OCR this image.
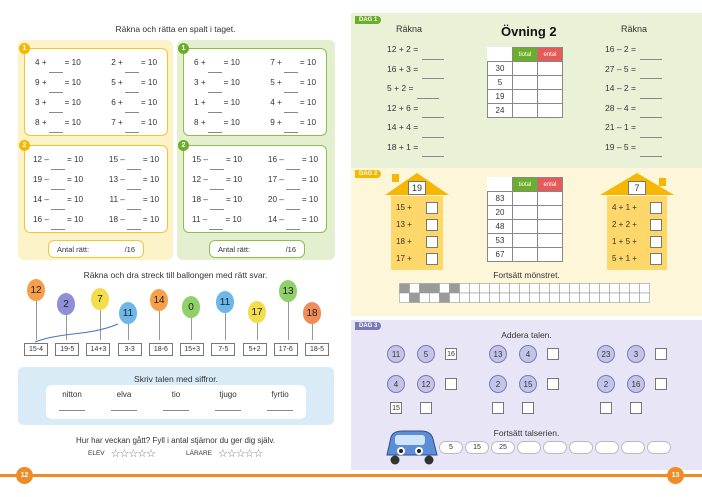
Räkna och rätta en spalt i taget.
1
4 + = 10	2 + = 10
9 + = 10	5 + = 10
3 + = 10	6 + = 10
8 + = 10	7 + = 10
1
6 + = 10	7 + = 10
3 + = 10	5 + = 10
1 + = 10	4 + = 10
8 + = 10	9 + = 10
2
12 – = 10	15 – = 10
19 – = 10	13 – = 10
14 – = 10	11 – = 10
16 – = 10	18 – = 10
2
15 – = 10	16 – = 10
12 – = 10	17 – = 10
18 – = 10	20 – = 10
11 – = 10	14 – = 10
Antal rätt:	/16	Antal rätt:	/16
Räkna och dra streck till ballongen med rätt svar.
12
2	7
11
14
0	11
17
13
18
15-4	19-5	14+3	3-3	18-6	15+3	7-5	5+2	17-6	18-5
Skriv talen med siffror.
nitton	elva	tio	tjugo	fyrtio
Hur har veckan gått? Fyll i antal stjärnor du ger dig själv.
ELEV ☆☆☆☆☆	LÄRARE ☆☆☆☆☆
12
DAG 1
Räkna	Övning 2	Räkna
12 + 2 =
16 + 3 =
5 + 2 =
12 + 6 =
14 + 4 =
18 + 1 =
16 – 2 =
27 – 5 =
14 – 2 =
28 – 4 =
21 – 1 =
19 – 5 =
	tiotal	ental
30		
5		
19		
24		
DAG 2
19
15 +
13 +
18 +
17 +
	tiotal	ental
83		
20		
48		
53		
67		
7
4 + 1 +
2 + 2 +
1 + 5 +
5 + 1 +
Fortsätt mönstret.
DAG 3
Addera talen.
11	5	16
4	12
15
13	4
2	15
23	3
2	16
Fortsätt talserien.
5	15	25
13
